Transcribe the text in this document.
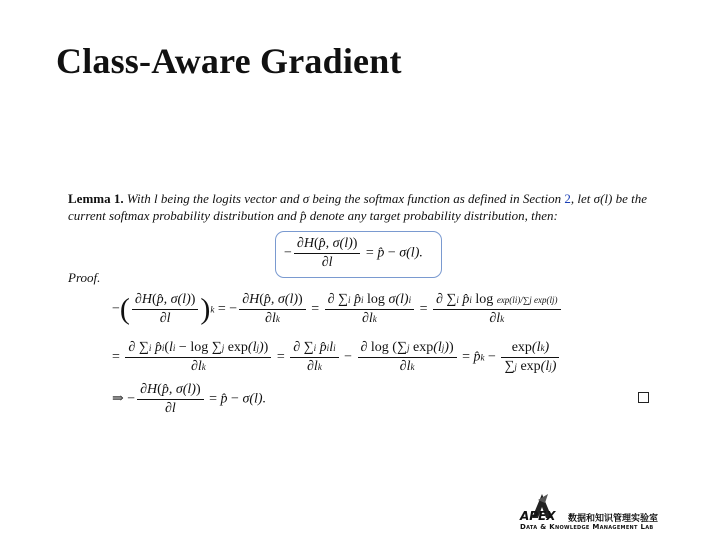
Class-Aware Gradient
Lemma 1. With l being the logits vector and σ being the softmax function as defined in Section 2, let σ(l) be the current softmax probability distribution and p̂ denote any target probability distribution, then:
− $\frac{\partial H(p̂, \sigma(l))}{\partial l}$ = p̂ − σ(l).
Proof.
−( $\frac{\partial H(p̂, \sigma(l))}{\partial l} )k$ = − $\frac{\partial H(p̂, \sigma(l))}{\partial lk} = \frac{\text{∂ ∑i p̂i log σ(l)i}}{\partial lk} = \frac{\text{∂ ∑i p̂i log exp(li)/∑j exp(lj)}}{\partial lk}$
= $\frac{\text{∂ ∑i p̂i(li − log ∑j exp(lj))}}{\partial lk} = \frac{\text{∂ ∑i p̂ili}}{\partial lk} - \frac{\text{∂ log (∑j exp(lj))}}{\partial lk}$ = p̂k − $\frac{\exp(lk)}{\text{∑j exp(lj)}}$
⇒ − $\frac{\partial H(p̂, \sigma(l))}{\partial l}$ = p̂ − σ(l).
APEX 数据和知识管理实验室
Data & Knowledge Management Lab
